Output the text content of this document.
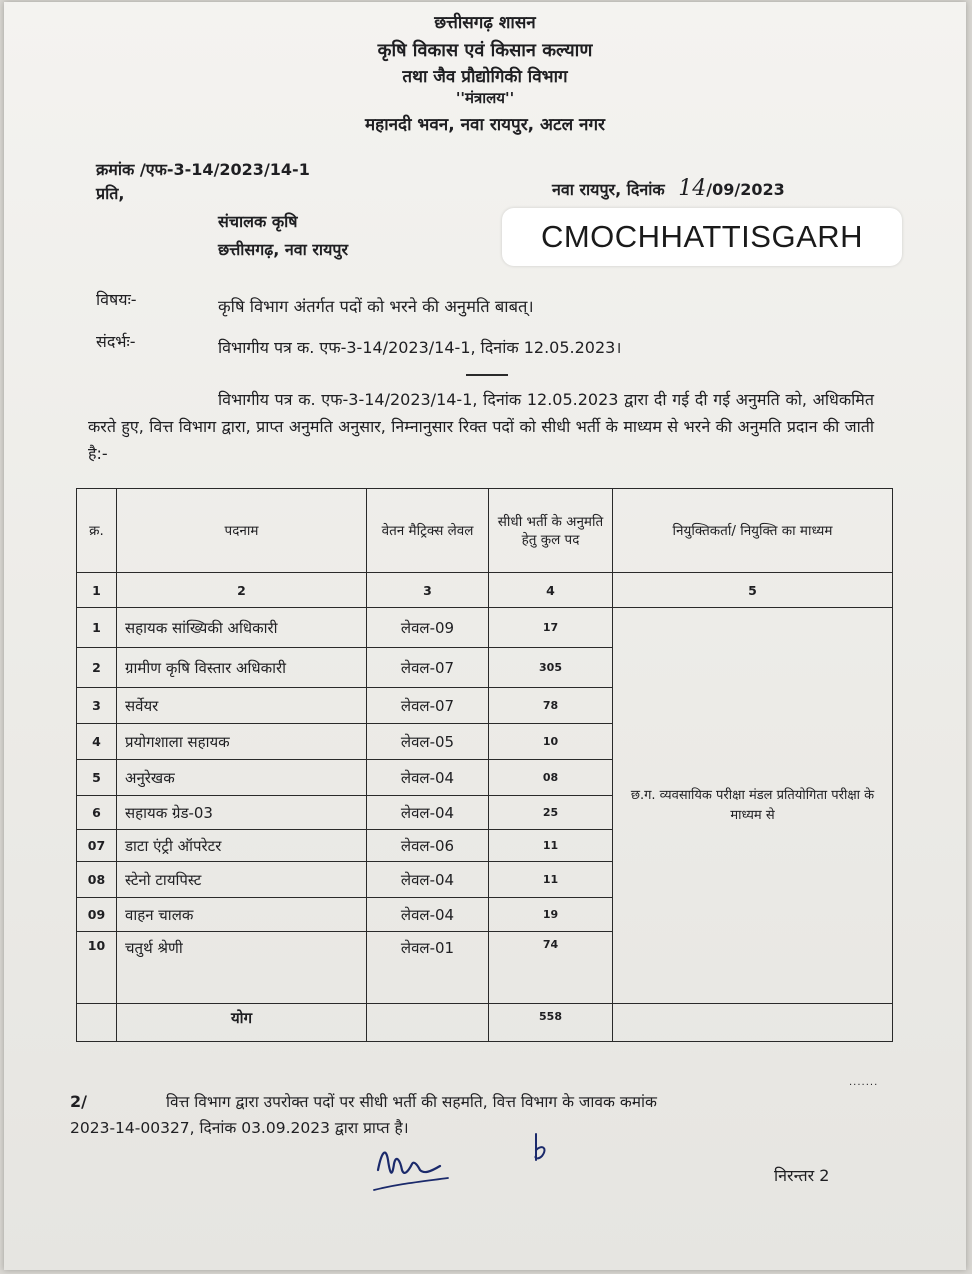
छत्तीसगढ़ शासन
कृषि विकास एवं किसान कल्याण
तथा जैव प्रौद्योगिकी विभाग
''मंत्रालय''
महानदी भवन, नवा रायपुर, अटल नगर
क्रमांक /एफ-3-14/2023/14-1
प्रति,	नवा रायपुर, दिनांक 14/09/2023
संचालक कृषि
छत्तीसगढ़, नवा रायपुर	CMOCHHATTISGARH
विषयः-	कृषि विभाग अंतर्गत पदों को भरने की अनुमति बाबत्।
संदर्भः-	विभागीय पत्र क. एफ-3-14/2023/14-1, दिनांक 12.05.2023।
विभागीय पत्र क. एफ-3-14/2023/14-1, दिनांक 12.05.2023 द्वारा दी गई दी गई अनुमति को, अधिकमित करते हुए, वित्त विभाग द्वारा, प्राप्त अनुमति अनुसार, निम्नानुसार रिक्त पदों को सीधी भर्ती के माध्यम से भरने की अनुमति प्रदान की जाती है:-
क्र.	पदनाम	वेतन मैट्रिक्स लेवल	सीधी भर्ती के अनुमति हेतु कुल पद	नियुक्तिकर्ता/ नियुक्ति का माध्यम
1	2	3	4	5
1	सहायक सांख्यिकी अधिकारी	लेवल-09	17	छ.ग. व्यवसायिक परीक्षा मंडल प्रतियोगिता परीक्षा के माध्यम से

2	ग्रामीण कृषि विस्तार अधिकारी	लेवल-07	305	
3	सर्वेयर	लेवल-07	78	
4	प्रयोगशाला सहायक	लेवल-05	10	
5	अनुरेखक	लेवल-04	08	
6	सहायक ग्रेड-03	लेवल-04	25	
07	डाटा एंट्री ऑपरेटर	लेवल-06	11	
08	स्टेनो टायपिस्ट	लेवल-04	11	
09	वाहन चालक	लेवल-04	19	
10	चतुर्थ श्रेणी	लेवल-01	74	
	योग		558	
2/	वित्त विभाग द्वारा उपरोक्त पदों पर सीधी भर्ती की सहमति, वित्त विभाग के जावक कमांक
2023-14-00327, दिनांक 03.09.2023 द्वारा प्राप्त है।
·······
निरन्तर 2
